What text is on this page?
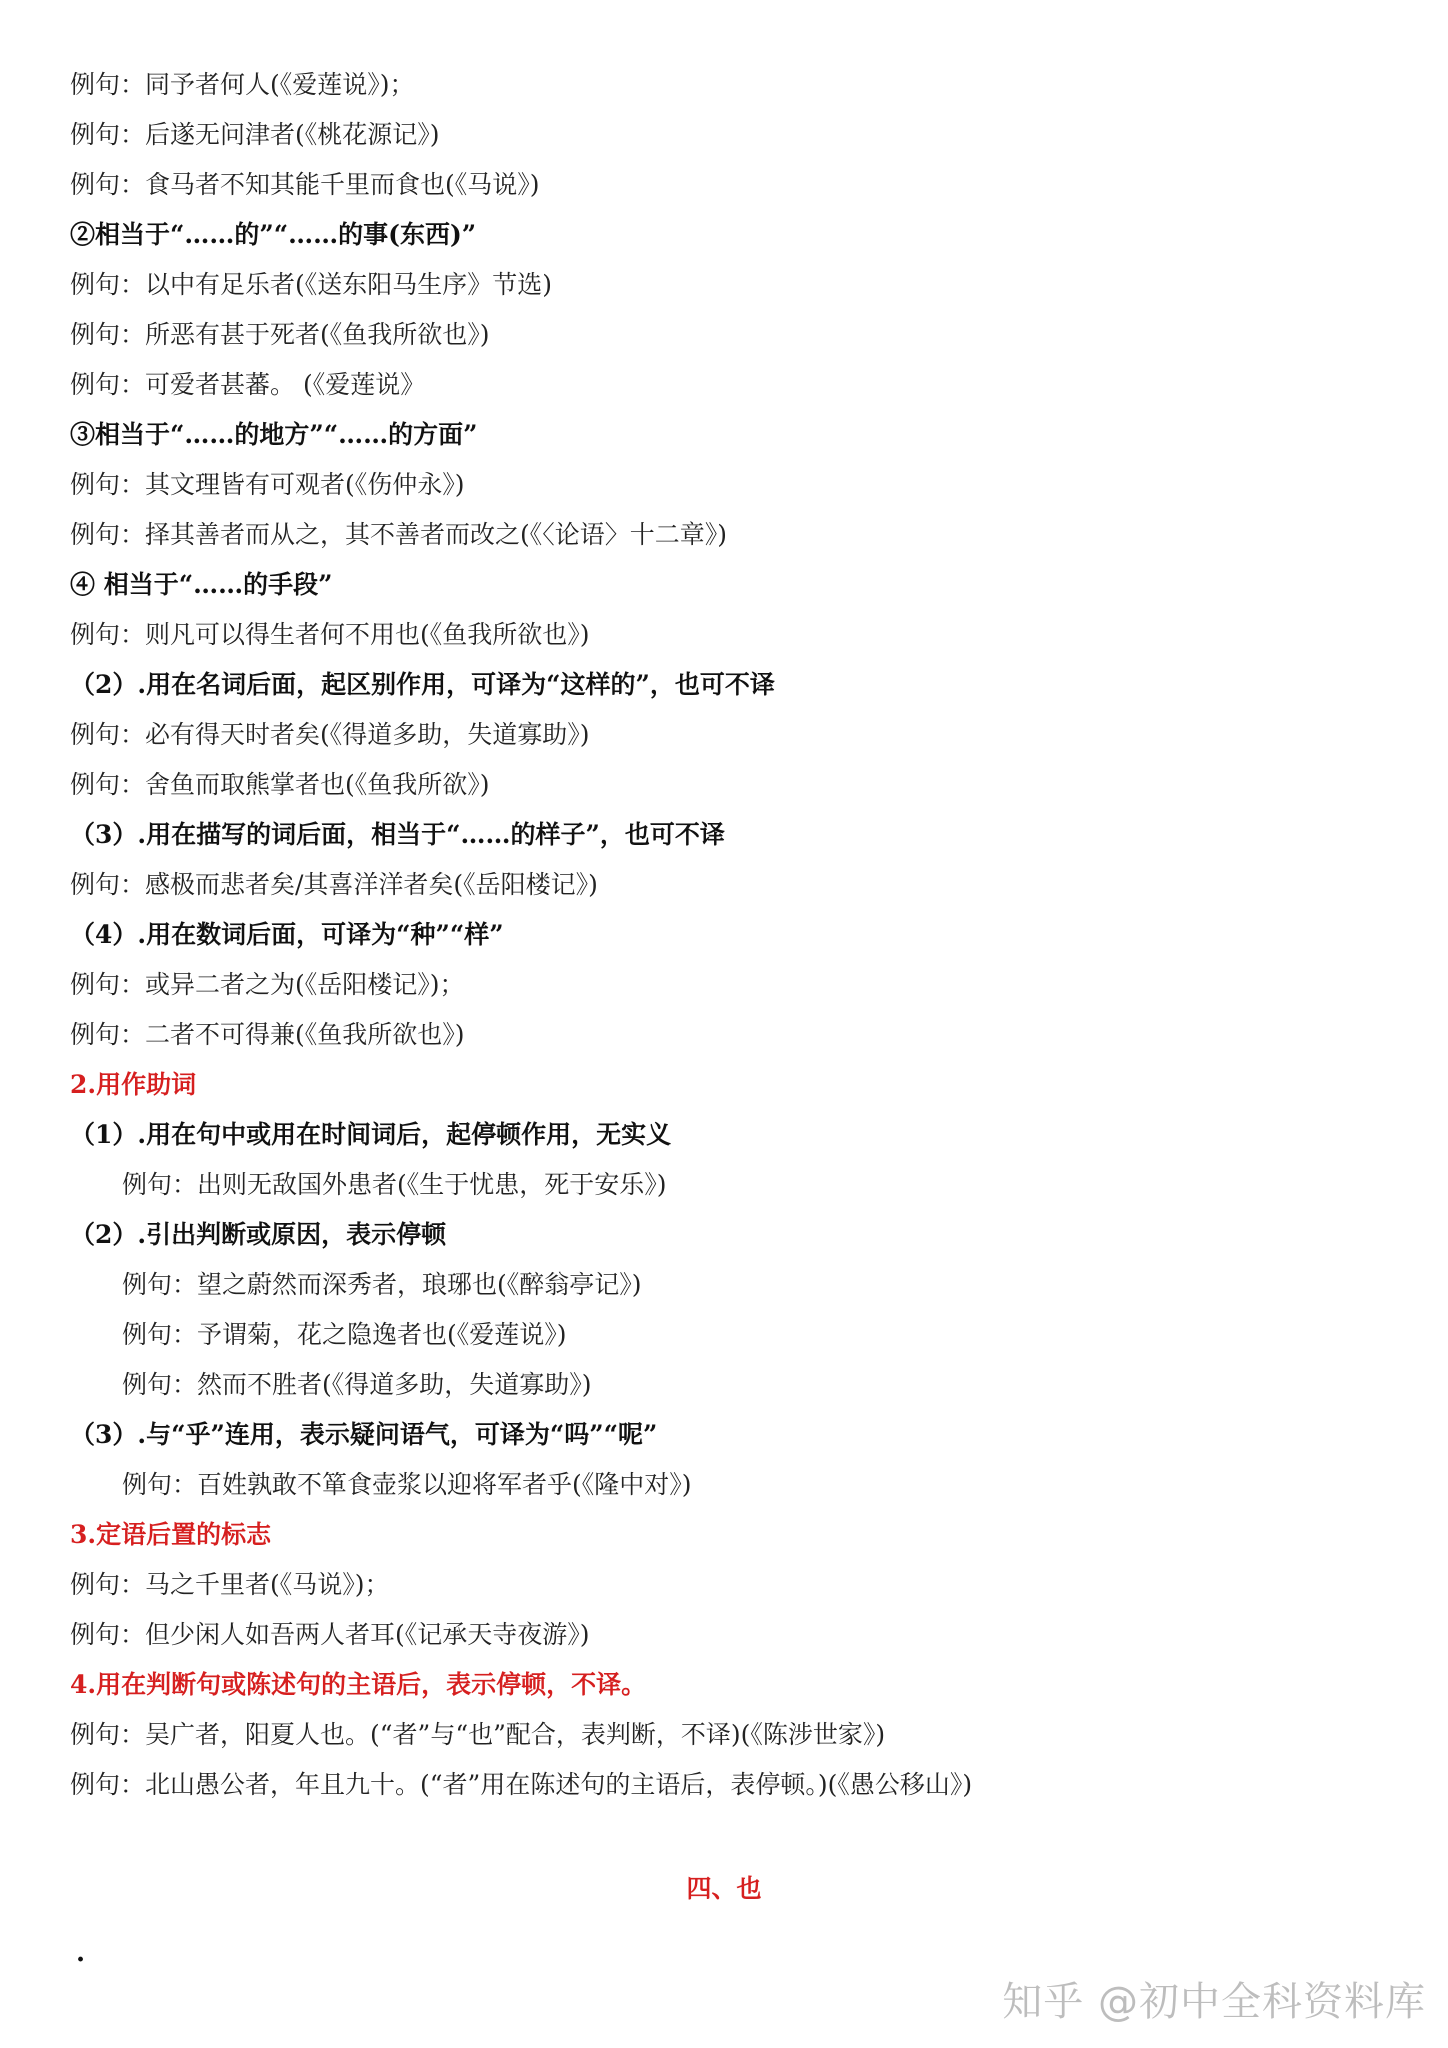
例句：同予者何人(《爱莲说》)；
例句：后遂无问津者(《桃花源记》)
例句：食马者不知其能千里而食也(《马说》)
②相当于“……的”“……的事(东西)”
例句：以中有足乐者(《送东阳马生序》节选)
例句：所恶有甚于死者(《鱼我所欲也》)
例句：可爱者甚蕃。 (《爱莲说》
③相当于“……的地方”“……的方面”
例句：其文理皆有可观者(《伤仲永》)
例句：择其善者而从之，其不善者而改之(《〈论语〉十二章》)
④ 相当于“……的手段”
例句：则凡可以得生者何不用也(《鱼我所欲也》)
（2）.用在名词后面，起区别作用，可译为“这样的”，也可不译
例句：必有得天时者矣(《得道多助，失道寡助》)
例句：舍鱼而取熊掌者也(《鱼我所欲》)
（3）.用在描写的词后面，相当于“……的样子”，也可不译
例句：感极而悲者矣/其喜洋洋者矣(《岳阳楼记》)
（4）.用在数词后面，可译为“种”“样”
例句：或异二者之为(《岳阳楼记》)；
例句：二者不可得兼(《鱼我所欲也》)
2.用作助词
（1）.用在句中或用在时间词后，起停顿作用，无实义
例句：出则无敌国外患者(《生于忧患，死于安乐》)
（2）.引出判断或原因，表示停顿
例句：望之蔚然而深秀者，琅琊也(《醉翁亭记》)
例句：予谓菊，花之隐逸者也(《爱莲说》)
例句：然而不胜者(《得道多助，失道寡助》)
（3）.与“乎”连用，表示疑问语气，可译为“吗”“呢”
例句：百姓孰敢不箪食壶浆以迎将军者乎(《隆中对》)
3.定语后置的标志
例句：马之千里者(《马说》)；
例句：但少闲人如吾两人者耳(《记承天寺夜游》)
4.用在判断句或陈述句的主语后，表示停顿，不译。
例句：吴广者，阳夏人也。(“者”与“也”配合，表判断，不译)(《陈涉世家》)
例句：北山愚公者，年且九十。(“者”用在陈述句的主语后，表停顿。)(《愚公移山》)
四、也
·
知乎 @初中全科资料库
